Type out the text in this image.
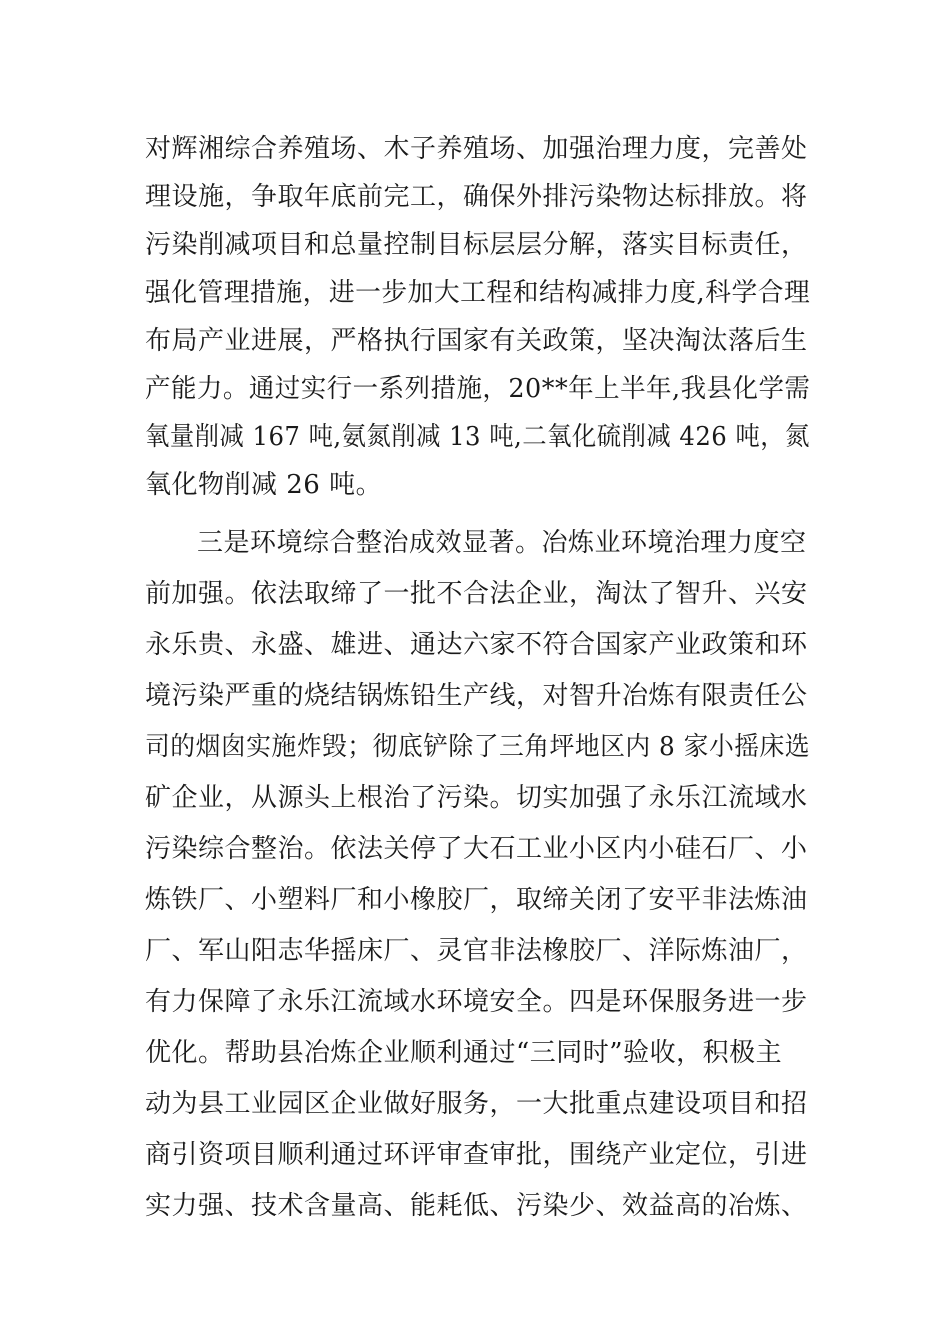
对辉湘综合养殖场、木子养殖场、加强治理力度，完善处
理设施，争取年底前完工，确保外排污染物达标排放。将
污染削减项目和总量控制目标层层分解，落实目标责任，
强化管理措施，进一步加大工程和结构减排力度,科学合理
布局产业进展，严格执行国家有关政策，坚决淘汰落后生
产能力。通过实行一系列措施，20**年上半年,我县化学需
氧量削减 167 吨,氨氮削减 13 吨,二氧化硫削减 426 吨，氮
氧化物削减 26 吨。
三是环境综合整治成效显著。冶炼业环境治理力度空
前加强。依法取缔了一批不合法企业，淘汰了智升、兴安
永乐贵、永盛、雄进、通达六家不符合国家产业政策和环
境污染严重的烧结锅炼铅生产线，对智升冶炼有限责任公
司的烟囱实施炸毁；彻底铲除了三角坪地区内 8 家小摇床选
矿企业，从源头上根治了污染。切实加强了永乐江流域水
污染综合整治。依法关停了大石工业小区内小硅石厂、小
炼铁厂、小塑料厂和小橡胶厂，取缔关闭了安平非法炼油
厂、军山阳志华摇床厂、灵官非法橡胶厂、洋际炼油厂，
有力保障了永乐江流域水环境安全。四是环保服务进一步
优化。帮助县冶炼企业顺利通过“三同时”验收，积极主
动为县工业园区企业做好服务，一大批重点建设项目和招
商引资项目顺利通过环评审查审批，围绕产业定位，引进
实力强、技术含量高、能耗低、污染少、效益高的冶炼、
